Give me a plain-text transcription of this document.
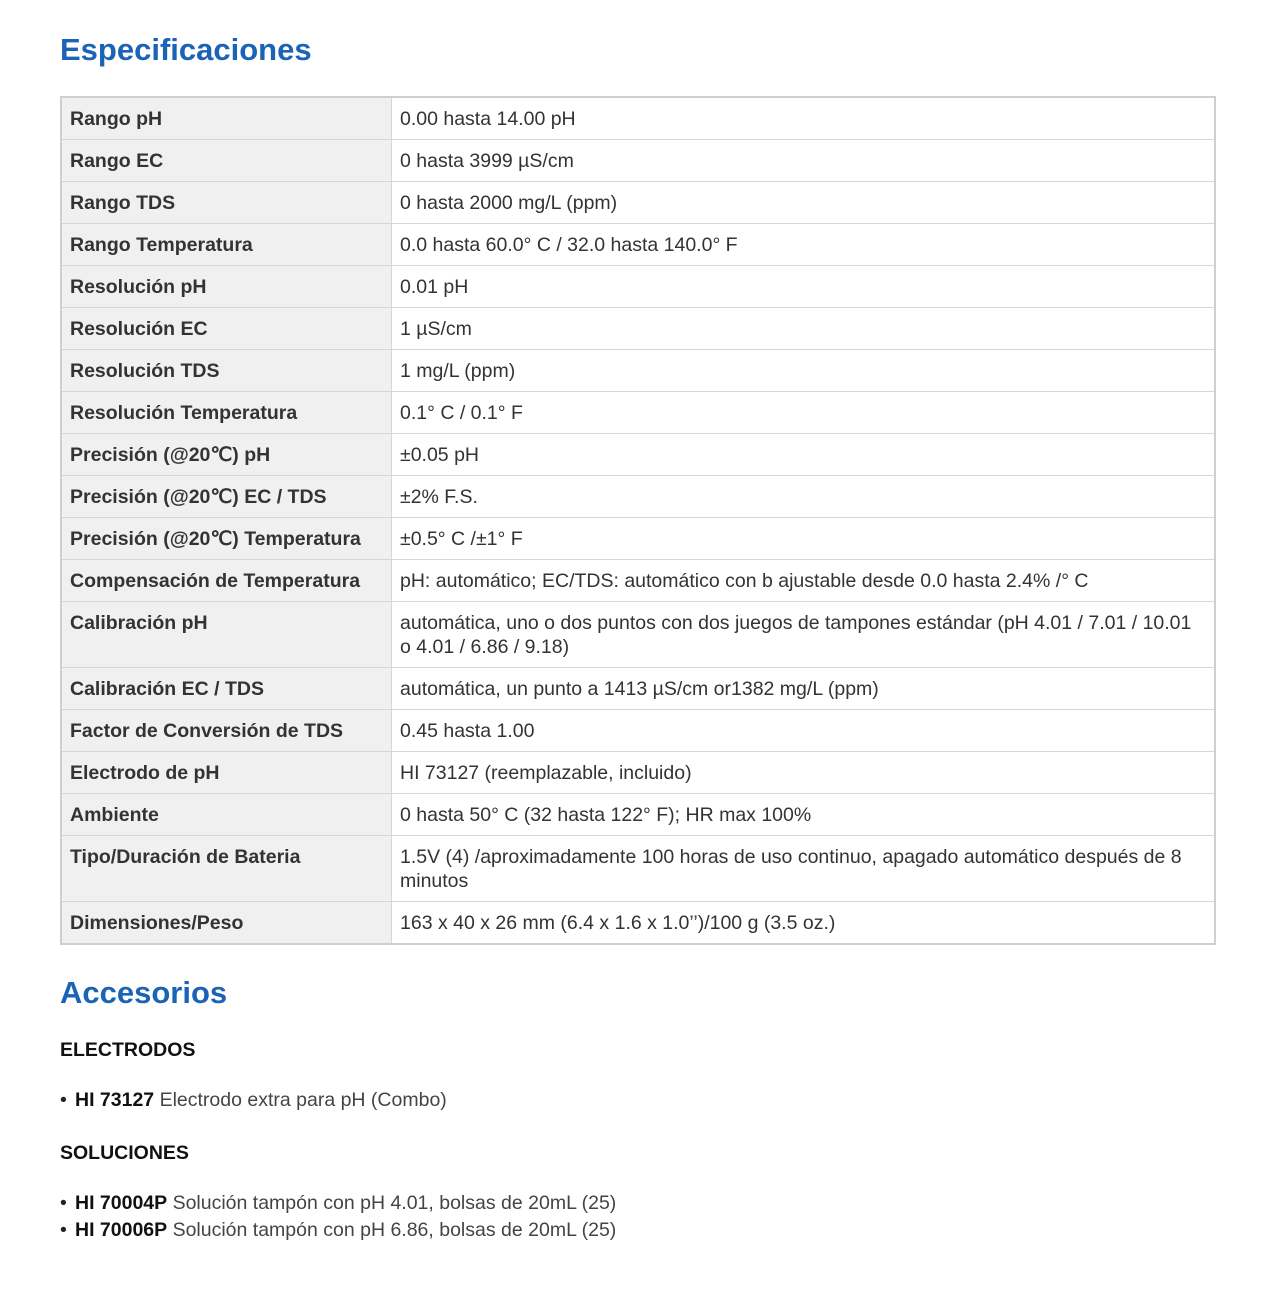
Especificaciones
Rango pH	0.00 hasta 14.00 pH
Rango EC	0 hasta 3999 µS/cm
Rango TDS	0 hasta 2000 mg/L (ppm)
Rango Temperatura	0.0 hasta 60.0° C / 32.0 hasta 140.0° F
Resolución pH	0.01 pH
Resolución EC	1 µS/cm
Resolución TDS	1 mg/L (ppm)
Resolución Temperatura	0.1° C / 0.1° F
Precisión (@20℃) pH	±0.05 pH
Precisión (@20℃) EC / TDS	±2% F.S.
Precisión (@20℃) Temperatura	±0.5° C /±1° F
Compensación de Temperatura	pH: automático; EC/TDS: automático con b ajustable desde 0.0 hasta 2.4% /° C
Calibración pH	automática, uno o dos puntos con dos juegos de tampones estándar (pH 4.01 / 7.01 / 10.01 o 4.01 / 6.86 / 9.18)
Calibración EC / TDS	automática, un punto a 1413 µS/cm or1382 mg/L (ppm)
Factor de Conversión de TDS	0.45 hasta 1.00
Electrodo de pH	HI 73127 (reemplazable, incluido)
Ambiente	0 hasta 50° C (32 hasta 122° F); HR max 100%
Tipo/Duración de Bateria	1.5V (4) /aproximadamente 100 horas de uso continuo, apagado automático después de 8 minutos
Dimensiones/Peso	163 x 40 x 26 mm (6.4 x 1.6 x 1.0’’)/100 g (3.5 oz.)
Accesorios
ELECTRODOS
• HI 73127 Electrodo extra para pH (Combo)
SOLUCIONES
• HI 70004P Solución tampón con pH 4.01, bolsas de 20mL (25)
• HI 70006P Solución tampón con pH 6.86, bolsas de 20mL (25)
